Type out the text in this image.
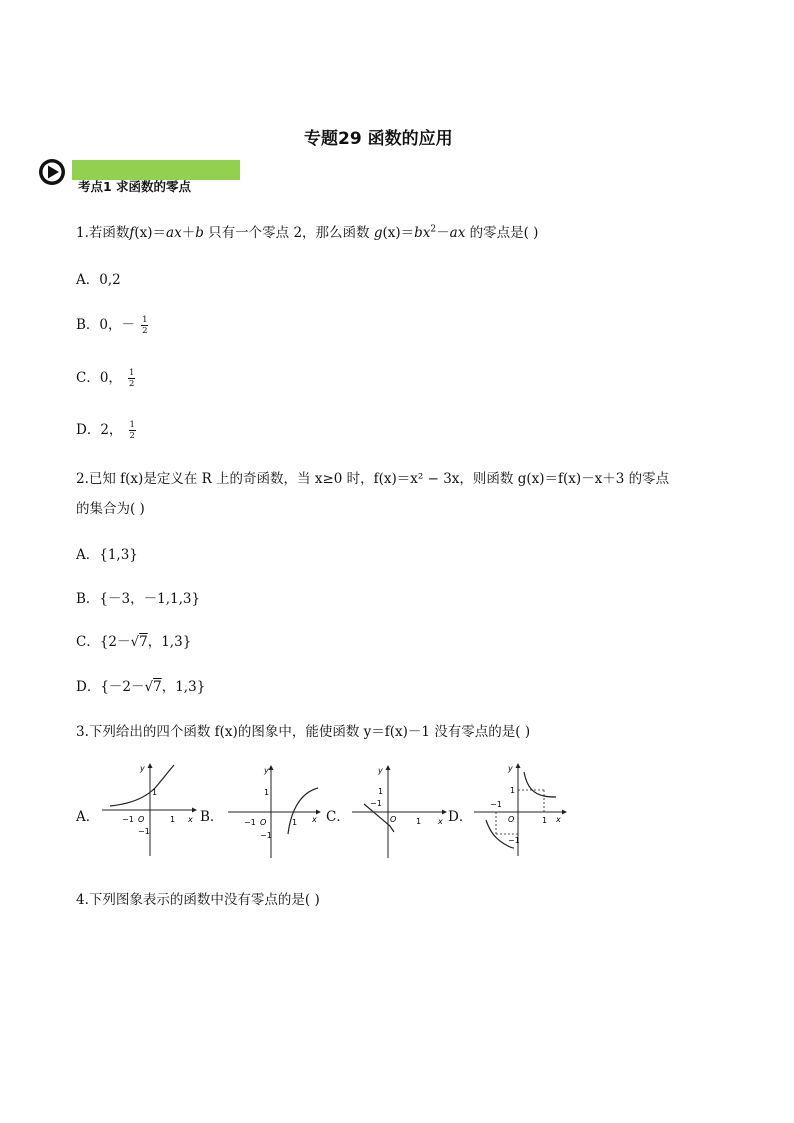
专题29 函数的应用
考点1 求函数的零点
1.若函数f(x)＝ax＋b 只有一个零点 2，那么函数 $g(x)=bx^2-ax$ 的零点是( )
A．0,2
B．0，－ $\frac{1}{2}$
C．0， $\frac{1}{2}$
D．2， $\frac{1}{2}$
2.已知 f(x)是定义在 R 上的奇函数，当 x≥0 时，f(x)＝x² − 3x，则函数 g(x)＝f(x)－x＋3 的零点
的集合为( )
A．{1,3}
B．{－3，－1,1,3}
C．{2－√7，1,3}
D．{－2－√7，1,3}
3.下列给出的四个函数 f(x)的图象中，能使函数 y＝f(x)－1 没有零点的是( )
A．	B．	C．	D．
y
x
O
−1	1
1
−1
y
x
O
−1	1
1
−1
y
x
O
−1
1
1
y
x
O
−1
1
1
−1
4.下列图象表示的函数中没有零点的是( )
